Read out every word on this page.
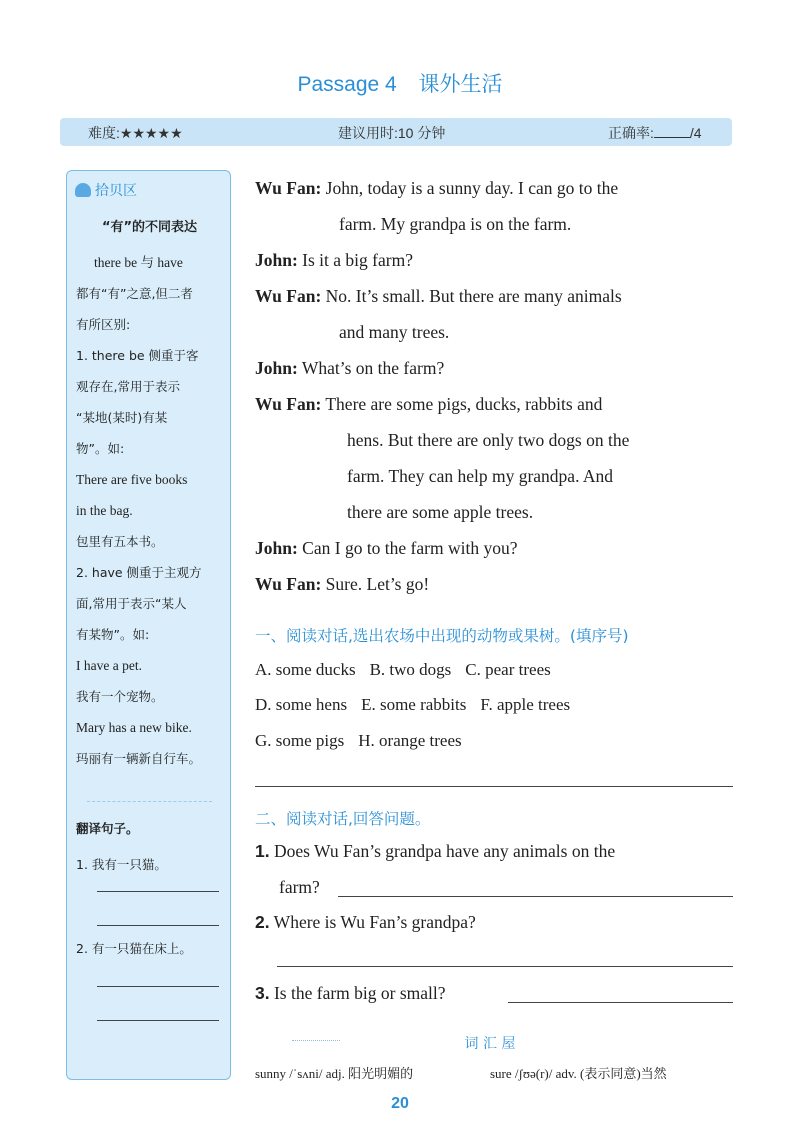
Passage 4 课外生活
难度:★★★★★	建议用时:10 分钟	正确率:	/4
拾贝区
“有”的不同表达

there be 与 have

都有“有”之意,但二者

有所区别:

1. there be 侧重于客

观存在,常用于表示

“某地(某时)有某

物”。如:

There are five books

in the bag.

包里有五本书。

2. have 侧重于主观方

面,常用于表示“某人

有某物”。如:

I have a pet.

我有一个宠物。

Mary has a new bike.

玛丽有一辆新自行车。

翻译句子。
1. 我有一只猫。
2. 有一只猫在床上。
Wu Fan: John, today is a sunny day. I can go to the
farm. My grandpa is on the farm.
John: Is it a big farm?
Wu Fan: No. It’s small. But there are many animals
and many trees.
John: What’s on the farm?
Wu Fan: There are some pigs, ducks, rabbits and
hens. But there are only two dogs on the
farm. They can help my grandpa. And
there are some apple trees.
John: Can I go to the farm with you?
Wu Fan: Sure. Let’s go!
一、阅读对话,选出农场中出现的动物或果树。(填序号)
A. some ducks B. two dogs C. pear trees
D. some hens E. some rabbits F. apple trees
G. some pigs H. orange trees
二、阅读对话,回答问题。
1. Does Wu Fan’s grandpa have any animals on the
farm?
2. Where is Wu Fan’s grandpa?
3. Is the farm big or small?
词 汇 屋
sunny /ˈsʌni/ adj. 阳光明媚的	sure /ʃʊə(r)/ adv. (表示同意)当然
20
